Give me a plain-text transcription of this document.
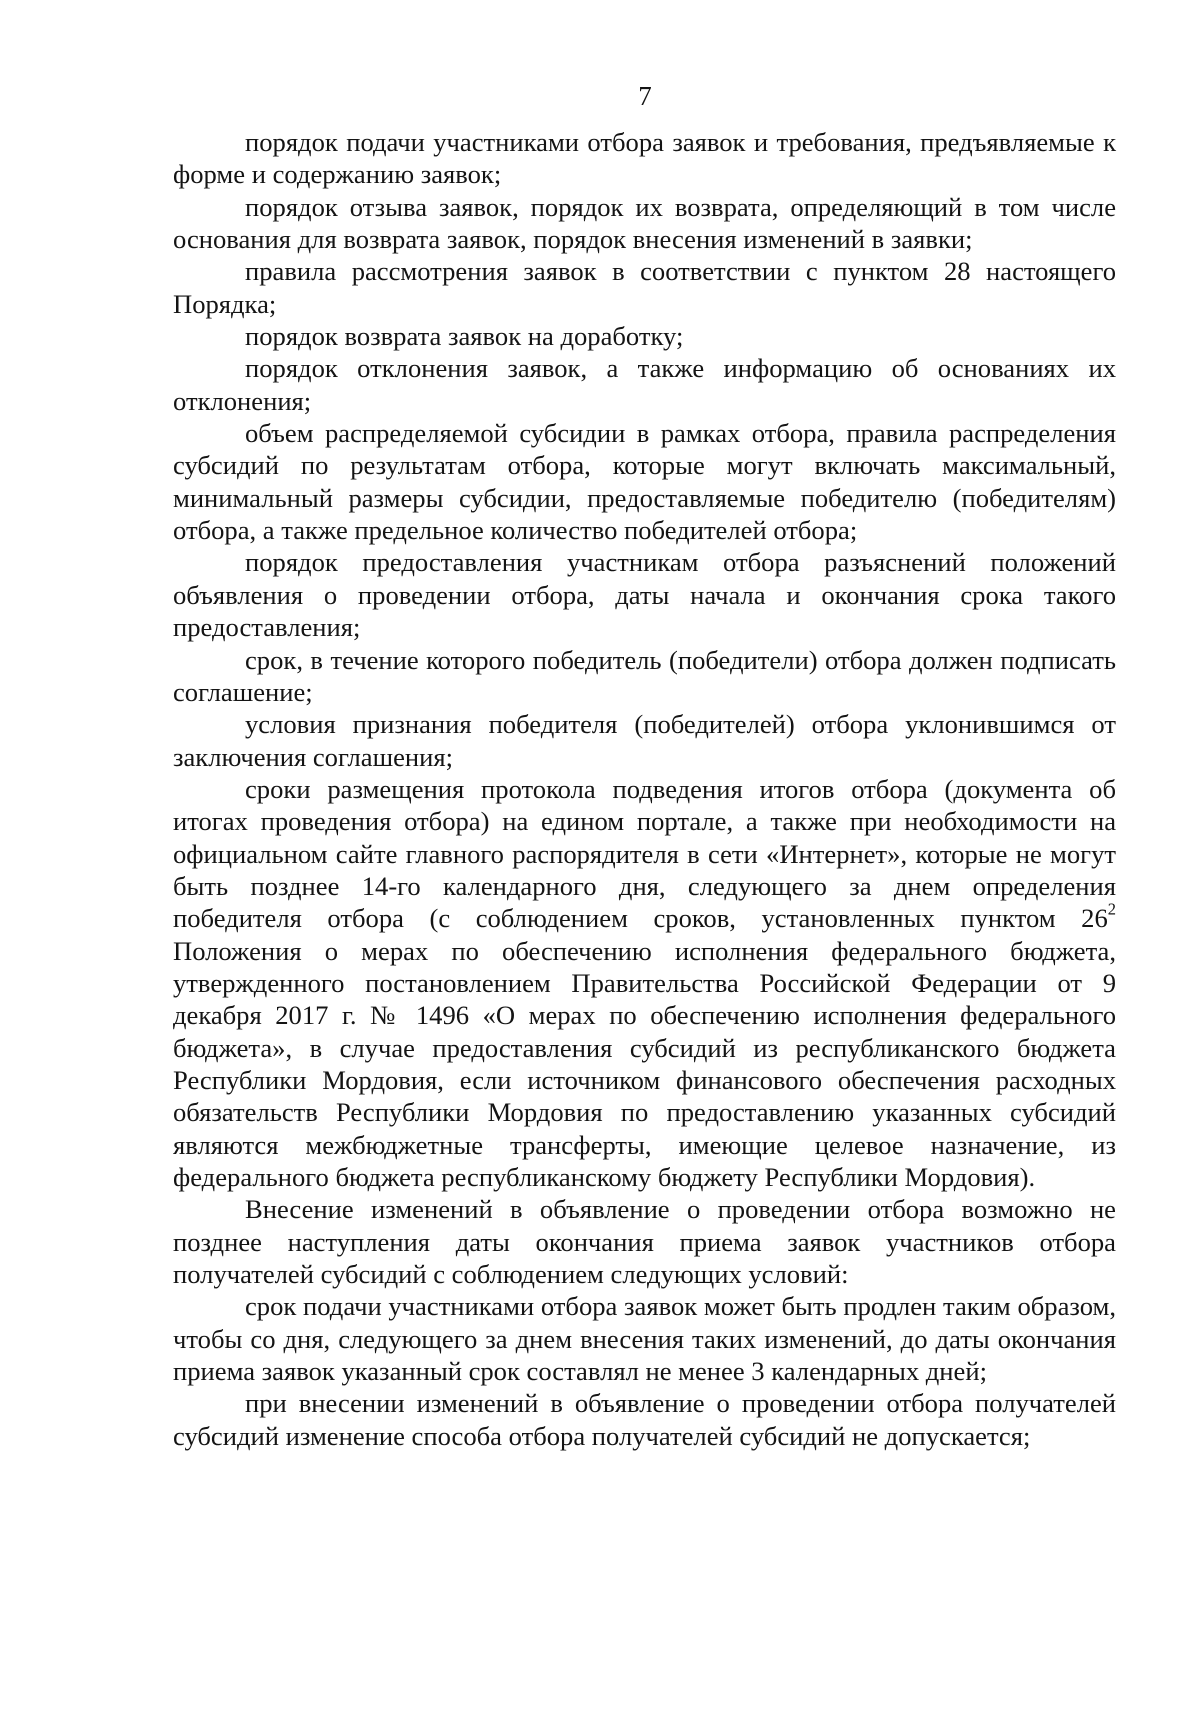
7

порядок подачи участниками отбора заявок и требования, предъявляемые к форме и содержанию заявок;

порядок отзыва заявок, порядок их возврата, определяющий в том числе основания для возврата заявок, порядок внесения изменений в заявки;

правила рассмотрения заявок в соответствии с пунктом 28 настоящего Порядка;

порядок возврата заявок на доработку;

порядок отклонения заявок, а также информацию об основаниях их отклонения;

объем распределяемой субсидии в рамках отбора, правила распределения субсидий по результатам отбора, которые могут включать максимальный, минимальный размеры субсидии, предоставляемые победителю (победителям) отбора, а также предельное количество победителей отбора;

порядок предоставления участникам отбора разъяснений положений объявления о проведении отбора, даты начала и окончания срока такого предоставления;

срок, в течение которого победитель (победители) отбора должен подписать соглашение;

условия признания победителя (победителей) отбора уклонившимся от заключения соглашения;

сроки размещения протокола подведения итогов отбора (документа об итогах проведения отбора) на едином портале, а также при необходимости на официальном сайте главного распорядителя в сети «Интернет», которые не могут быть позднее 14-го календарного дня, следующего за днем определения победителя отбора (с соблюдением сроков, установленных пунктом $26^2$ Положения о мерах по обеспечению исполнения федерального бюджета, утвержденного постановлением Правительства Российской Федерации от 9 декабря 2017 г. № 1496 «О мерах по обеспечению исполнения федерального бюджета», в случае предоставления субсидий из республиканского бюджета Республики Мордовия, если источником финансового обеспечения расходных обязательств Республики Мордовия по предоставлению указанных субсидий являются межбюджетные трансферты, имеющие целевое назначение, из федерального бюджета республиканскому бюджету Республики Мордовия).

Внесение изменений в объявление о проведении отбора возможно не позднее наступления даты окончания приема заявок участников отбора получателей субсидий с соблюдением следующих условий:

срок подачи участниками отбора заявок может быть продлен таким образом, чтобы со дня, следующего за днем внесения таких изменений, до даты окончания приема заявок указанный срок составлял не менее 3 календарных дней;

при внесении изменений в объявление о проведении отбора получателей субсидий изменение способа отбора получателей субсидий не допускается;
